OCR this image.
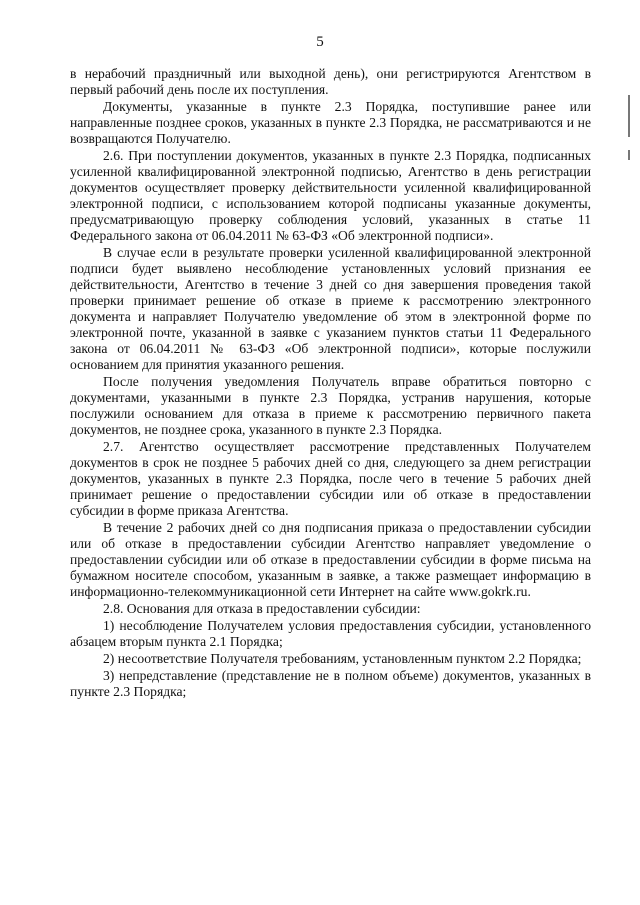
5

в нерабочий праздничный или выходной день), они регистрируются Агентством в первый рабочий день после их поступления.

Документы, указанные в пункте 2.3 Порядка, поступившие ранее или направленные позднее сроков, указанных в пункте 2.3 Порядка, не рассматриваются и не возвращаются Получателю.

2.6. При поступлении документов, указанных в пункте 2.3 Порядка, подписанных усиленной квалифицированной электронной подписью, Агентство в день регистрации документов осуществляет проверку действительности усиленной квалифицированной электронной подписи, с использованием которой подписаны указанные документы, предусматривающую проверку соблюдения условий, указанных в статье 11 Федерального закона от 06.04.2011 № 63-ФЗ «Об электронной подписи».

В случае если в результате проверки усиленной квалифицированной электронной подписи будет выявлено несоблюдение установленных условий признания ее действительности, Агентство в течение 3 дней со дня завершения проведения такой проверки принимает решение об отказе в приеме к рассмотрению электронного документа и направляет Получателю уведомление об этом в электронной форме по электронной почте, указанной в заявке с указанием пунктов статьи 11 Федерального закона от 06.04.2011 № 63-ФЗ «Об электронной подписи», которые послужили основанием для принятия указанного решения.

После получения уведомления Получатель вправе обратиться повторно с документами, указанными в пункте 2.3 Порядка, устранив нарушения, которые послужили основанием для отказа в приеме к рассмотрению первичного пакета документов, не позднее срока, указанного в пункте 2.3 Порядка.

2.7. Агентство осуществляет рассмотрение представленных Получателем документов в срок не позднее 5 рабочих дней со дня, следующего за днем регистрации документов, указанных в пункте 2.3 Порядка, после чего в течение 5 рабочих дней принимает решение о предоставлении субсидии или об отказе в предоставлении субсидии в форме приказа Агентства.

В течение 2 рабочих дней со дня подписания приказа о предоставлении субсидии или об отказе в предоставлении субсидии Агентство направляет уведомление о предоставлении субсидии или об отказе в предоставлении субсидии в форме письма на бумажном носителе способом, указанным в заявке, а также размещает информацию в информационно-телекоммуникационной сети Интернет на сайте www.gokrk.ru.

2.8. Основания для отказа в предоставлении субсидии:

1) несоблюдение Получателем условия предоставления субсидии, установленного абзацем вторым пункта 2.1 Порядка;

2) несоответствие Получателя требованиям, установленным пунктом 2.2 Порядка;

3) непредставление (представление не в полном объеме) документов, указанных в пункте 2.3 Порядка;
